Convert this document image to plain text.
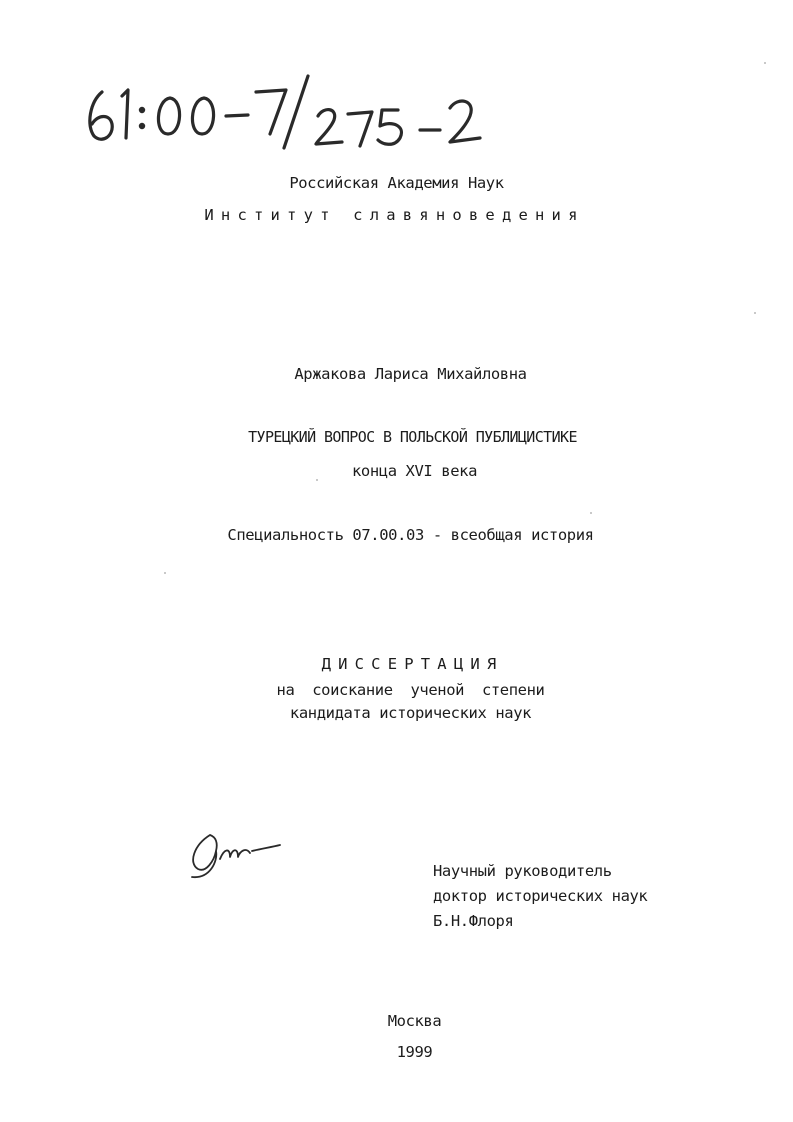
Российская Академия Наук
Институт славяноведения
Аржакова Лариса Михайловна
ТУРЕЦКИЙ ВОПРОС В ПОЛЬСКОЙ ПУБЛИЦИСТИКЕ
конца XVI века
Специальность 07.00.03 - всеобщая история
ДИССЕРТАЦИЯ
на  соискание  ученой  степени
кандидата исторических наук
Научный руководитель
доктор исторических наук
Б.Н.Флоря
Москва
1999
